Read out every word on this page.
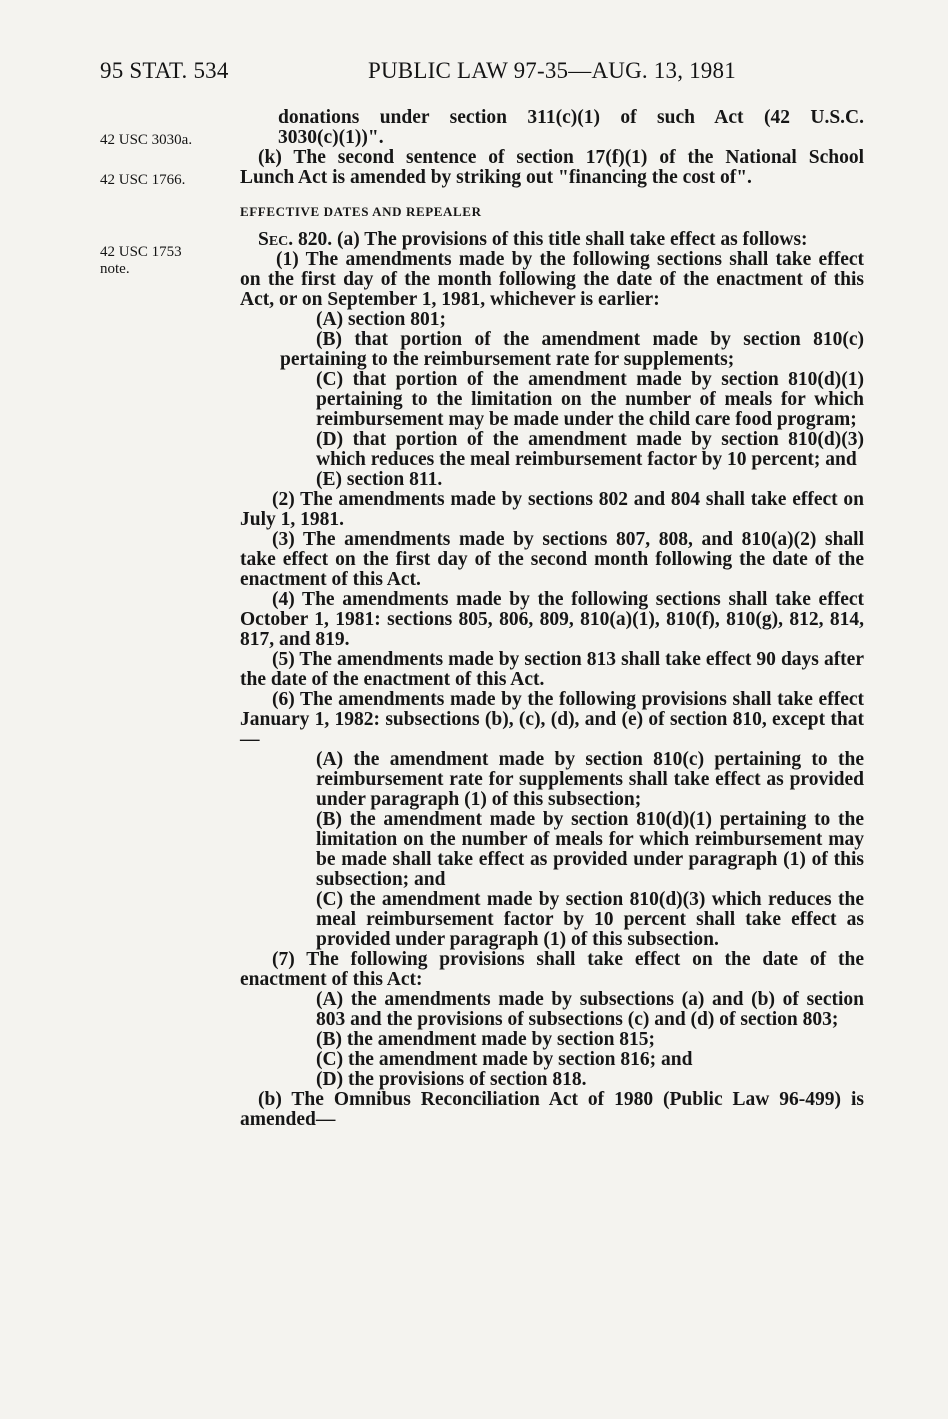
95 STAT. 534	PUBLIC LAW 97-35—AUG. 13, 1981
42 USC 3030a.
42 USC 1766.
42 USC 1753
note.

donations under section 311(c)(1) of such Act (42 U.S.C.

3030(c)(1))".

(k) The second sentence of section 17(f)(1) of the National School

Lunch Act is amended by striking out "financing the cost of".

EFFECTIVE DATES AND REPEALER

Sec. 820. (a) The provisions of this title shall take effect as follows:

(1) The amendments made by the following sections shall take effect on the first day of the month following the date of the enactment of this Act, or on September 1, 1981, whichever is earlier:

(A) section 801;

(B) that portion of the amendment made by section 810(c) pertaining to the reimbursement rate for supplements;

(C) that portion of the amendment made by section 810(d)(1) pertaining to the limitation on the number of meals for which reimbursement may be made under the child care food program;

(D) that portion of the amendment made by section 810(d)(3) which reduces the meal reimbursement factor by 10 percent; and

(E) section 811.

(2) The amendments made by sections 802 and 804 shall take effect on July 1, 1981.

(3) The amendments made by sections 807, 808, and 810(a)(2) shall take effect on the first day of the second month following the date of the enactment of this Act.

(4) The amendments made by the following sections shall take effect October 1, 1981: sections 805, 806, 809, 810(a)(1), 810(f), 810(g), 812, 814, 817, and 819.

(5) The amendments made by section 813 shall take effect 90 days after the date of the enactment of this Act.

(6) The amendments made by the following provisions shall take effect January 1, 1982: subsections (b), (c), (d), and (e) of section 810, except that—

(A) the amendment made by section 810(c) pertaining to the reimbursement rate for supplements shall take effect as provided under paragraph (1) of this subsection;

(B) the amendment made by section 810(d)(1) pertaining to the limitation on the number of meals for which reimbursement may be made shall take effect as provided under paragraph (1) of this subsection; and

(C) the amendment made by section 810(d)(3) which reduces the meal reimbursement factor by 10 percent shall take effect as provided under paragraph (1) of this subsection.

(7) The following provisions shall take effect on the date of the enactment of this Act:

(A) the amendments made by subsections (a) and (b) of section 803 and the provisions of subsections (c) and (d) of section 803;

(B) the amendment made by section 815;

(C) the amendment made by section 816; and

(D) the provisions of section 818.

(b) The Omnibus Reconciliation Act of 1980 (Public Law 96-499) is amended—
